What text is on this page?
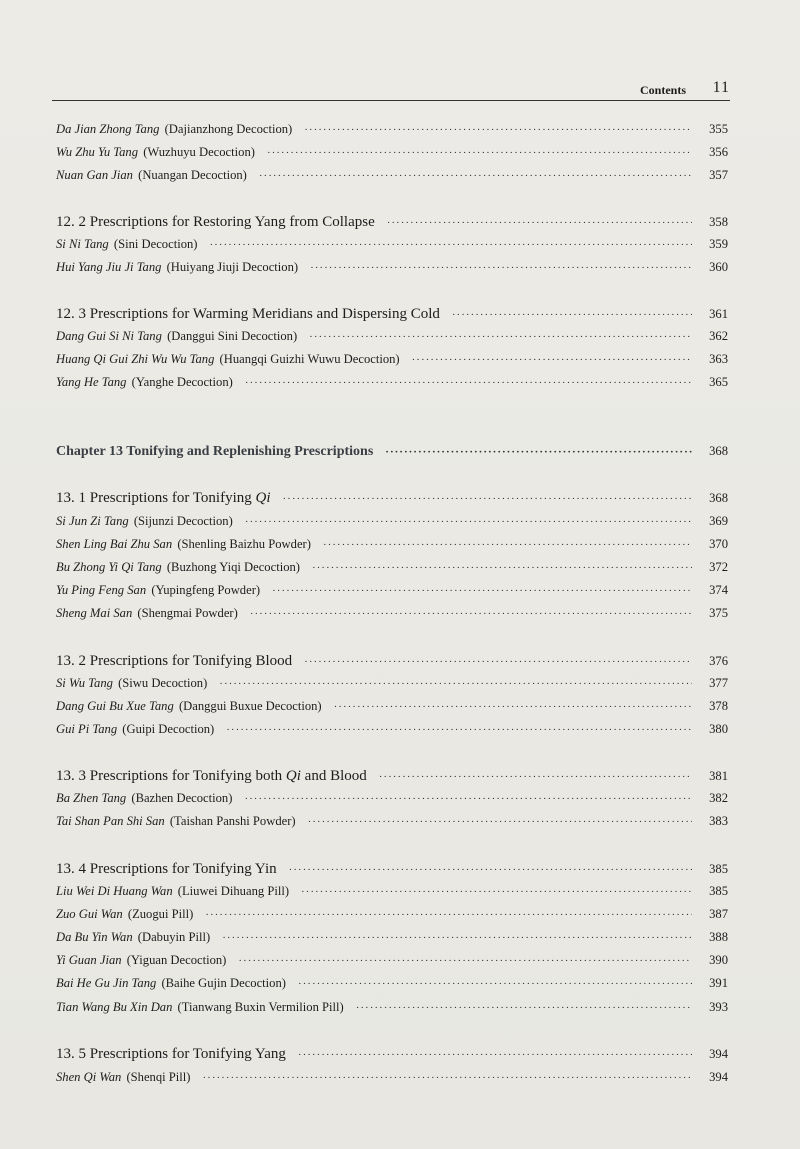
Contents 11
Da Jian Zhong Tang (Dajianzhong Decoction) ·····	355
Wu Zhu Yu Tang (Wuzhuyu Decoction) ·····	356
Nuan Gan Jian (Nuangan Decoction) ·····	357
12. 2 Prescriptions for Restoring Yang from Collapse ·····	358
Si Ni Tang (Sini Decoction) ·····	359
Hui Yang Jiu Ji Tang (Huiyang Jiuji Decoction) ·····	360
12. 3 Prescriptions for Warming Meridians and Dispersing Cold ·····	361
Dang Gui Si Ni Tang (Danggui Sini Decoction) ·····	362
Huang Qi Gui Zhi Wu Wu Tang (Huangqi Guizhi Wuwu Decoction) ·····	363
Yang He Tang (Yanghe Decoction) ·····	365
Chapter 13 Tonifying and Replenishing Prescriptions ·····	368
13. 1 Prescriptions for Tonifying Qi ·····	368
Si Jun Zi Tang (Sijunzi Decoction) ·····	369
Shen Ling Bai Zhu San (Shenling Baizhu Powder) ·····	370
Bu Zhong Yi Qi Tang (Buzhong Yiqi Decoction) ·····	372
Yu Ping Feng San (Yupingfeng Powder) ·····	374
Sheng Mai San (Shengmai Powder) ·····	375
13. 2 Prescriptions for Tonifying Blood ·····	376
Si Wu Tang (Siwu Decoction) ·····	377
Dang Gui Bu Xue Tang (Danggui Buxue Decoction) ·····	378
Gui Pi Tang (Guipi Decoction) ·····	380
13. 3 Prescriptions for Tonifying both Qi and Blood ·····	381
Ba Zhen Tang (Bazhen Decoction) ·····	382
Tai Shan Pan Shi San (Taishan Panshi Powder) ·····	383
13. 4 Prescriptions for Tonifying Yin ·····	385
Liu Wei Di Huang Wan (Liuwei Dihuang Pill) ·····	385
Zuo Gui Wan (Zuogui Pill) ·····	387
Da Bu Yin Wan (Dabuyin Pill) ·····	388
Yi Guan Jian (Yiguan Decoction) ·····	390
Bai He Gu Jin Tang (Baihe Gujin Decoction) ·····	391
Tian Wang Bu Xin Dan (Tianwang Buxin Vermilion Pill) ·····	393
13. 5 Prescriptions for Tonifying Yang ·····	394
Shen Qi Wan (Shenqi Pill) ·····	394
